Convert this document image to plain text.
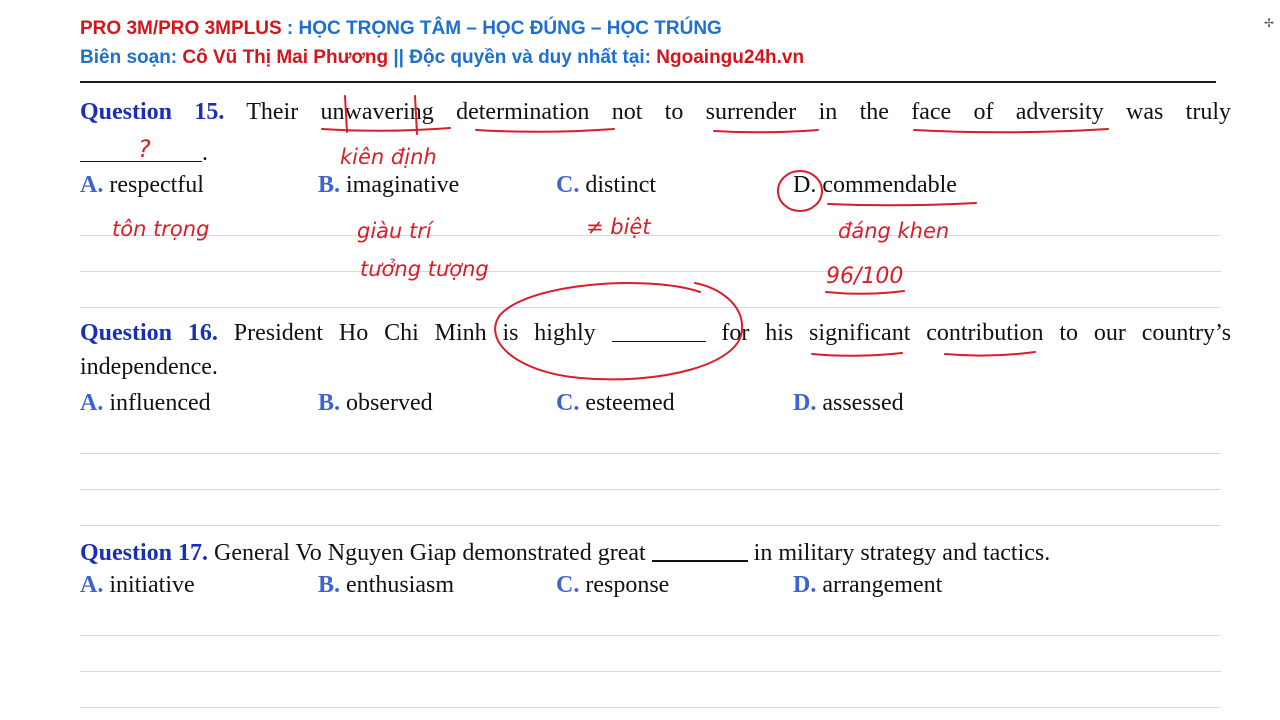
PRO 3M/PRO 3MPLUS : HỌC TRỌNG TÂM – HỌC ĐÚNG – HỌC TRÚNG
Biên soạn: Cô Vũ Thị Mai Phương || Độc quyền và duy nhất tại: Ngoaingu24h.vn
✢
Question 15. Their unwavering determination not to surrender in the face of adversity was truly
.
A. respectful	B. imaginative	C. distinct	D. commendable
Question 16. President Ho Chi Minh is highly	for his significant contribution to our country’s
independence.
A. influenced	B. observed	C. esteemed	D. assessed
Question 17. General Vo Nguyen Giap demonstrated great	in military strategy and tactics.
A. initiative	B. enthusiasm	C. response	D. arrangement
?	kiên định
tôn trọng	giàu trí
tưởng tượng
≠ biệt	đáng khen
96/100
